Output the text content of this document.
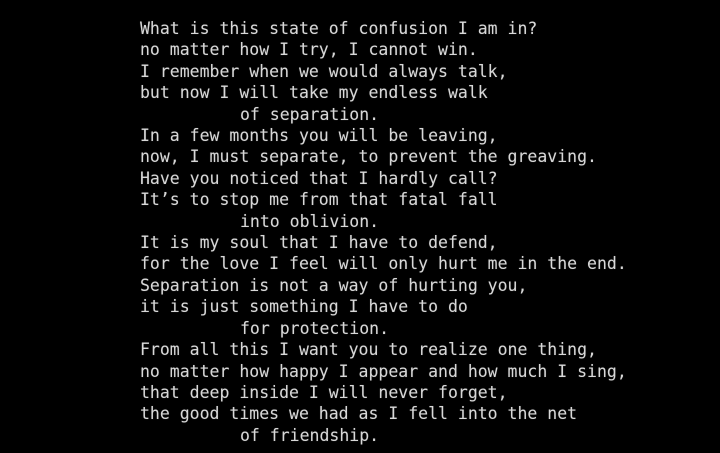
What is this state of confusion I am in?
no matter how I try, I cannot win.
I remember when we would always talk,
but now I will take my endless walk
of separation.
In a few months you will be leaving,
now, I must separate, to prevent the greaving.
Have you noticed that I hardly call?
It’s to stop me from that fatal fall
into oblivion.
It is my soul that I have to defend,
for the love I feel will only hurt me in the end.
Separation is not a way of hurting you,
it is just something I have to do
for protection.
From all this I want you to realize one thing,
no matter how happy I appear and how much I sing,
that deep inside I will never forget,
the good times we had as I fell into the net
of friendship.
